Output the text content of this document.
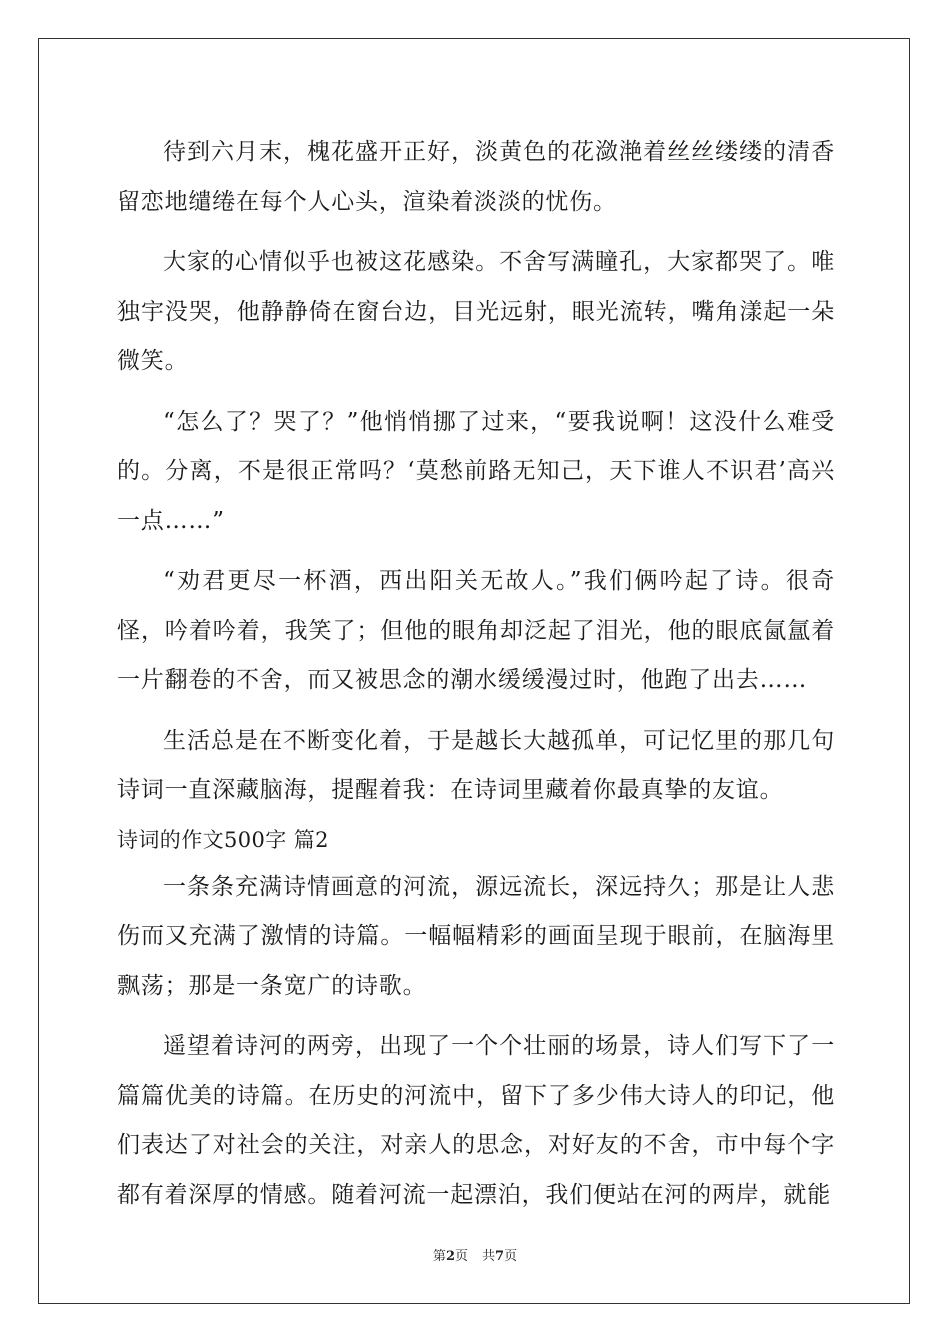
待到六月末，槐花盛开正好，淡黄色的花潋滟着丝丝缕缕的清香留恋地缱绻在每个人心头，渲染着淡淡的忧伤。

大家的心情似乎也被这花感染。不舍写满瞳孔，大家都哭了。唯独宇没哭，他静静倚在窗台边，目光远射，眼光流转，嘴角漾起一朵微笑。

“怎么了？哭了？”他悄悄挪了过来，“要我说啊！这没什么难受的。分离，不是很正常吗？‘莫愁前路无知己，天下谁人不识君’高兴一点……”

“劝君更尽一杯酒，西出阳关无故人。”我们俩吟起了诗。很奇怪，吟着吟着，我笑了；但他的眼角却泛起了泪光，他的眼底氤氲着一片翻卷的不舍，而又被思念的潮水缓缓漫过时，他跑了出去……

生活总是在不断变化着，于是越长大越孤单，可记忆里的那几句诗词一直深藏脑海，提醒着我：在诗词里藏着你最真挚的友谊。

诗词的作文500字 篇2

一条条充满诗情画意的河流，源远流长，深远持久；那是让人悲伤而又充满了激情的诗篇。一幅幅精彩的画面呈现于眼前，在脑海里飘荡；那是一条宽广的诗歌。

遥望着诗河的两旁，出现了一个个壮丽的场景，诗人们写下了一篇篇优美的诗篇。在历史的河流中，留下了多少伟大诗人的印记，他们表达了对社会的关注，对亲人的思念，对好友的不舍，市中每个字都有着深厚的情感。随着河流一起漂泊，我们便站在河的两岸，就能

第2页 共7页
